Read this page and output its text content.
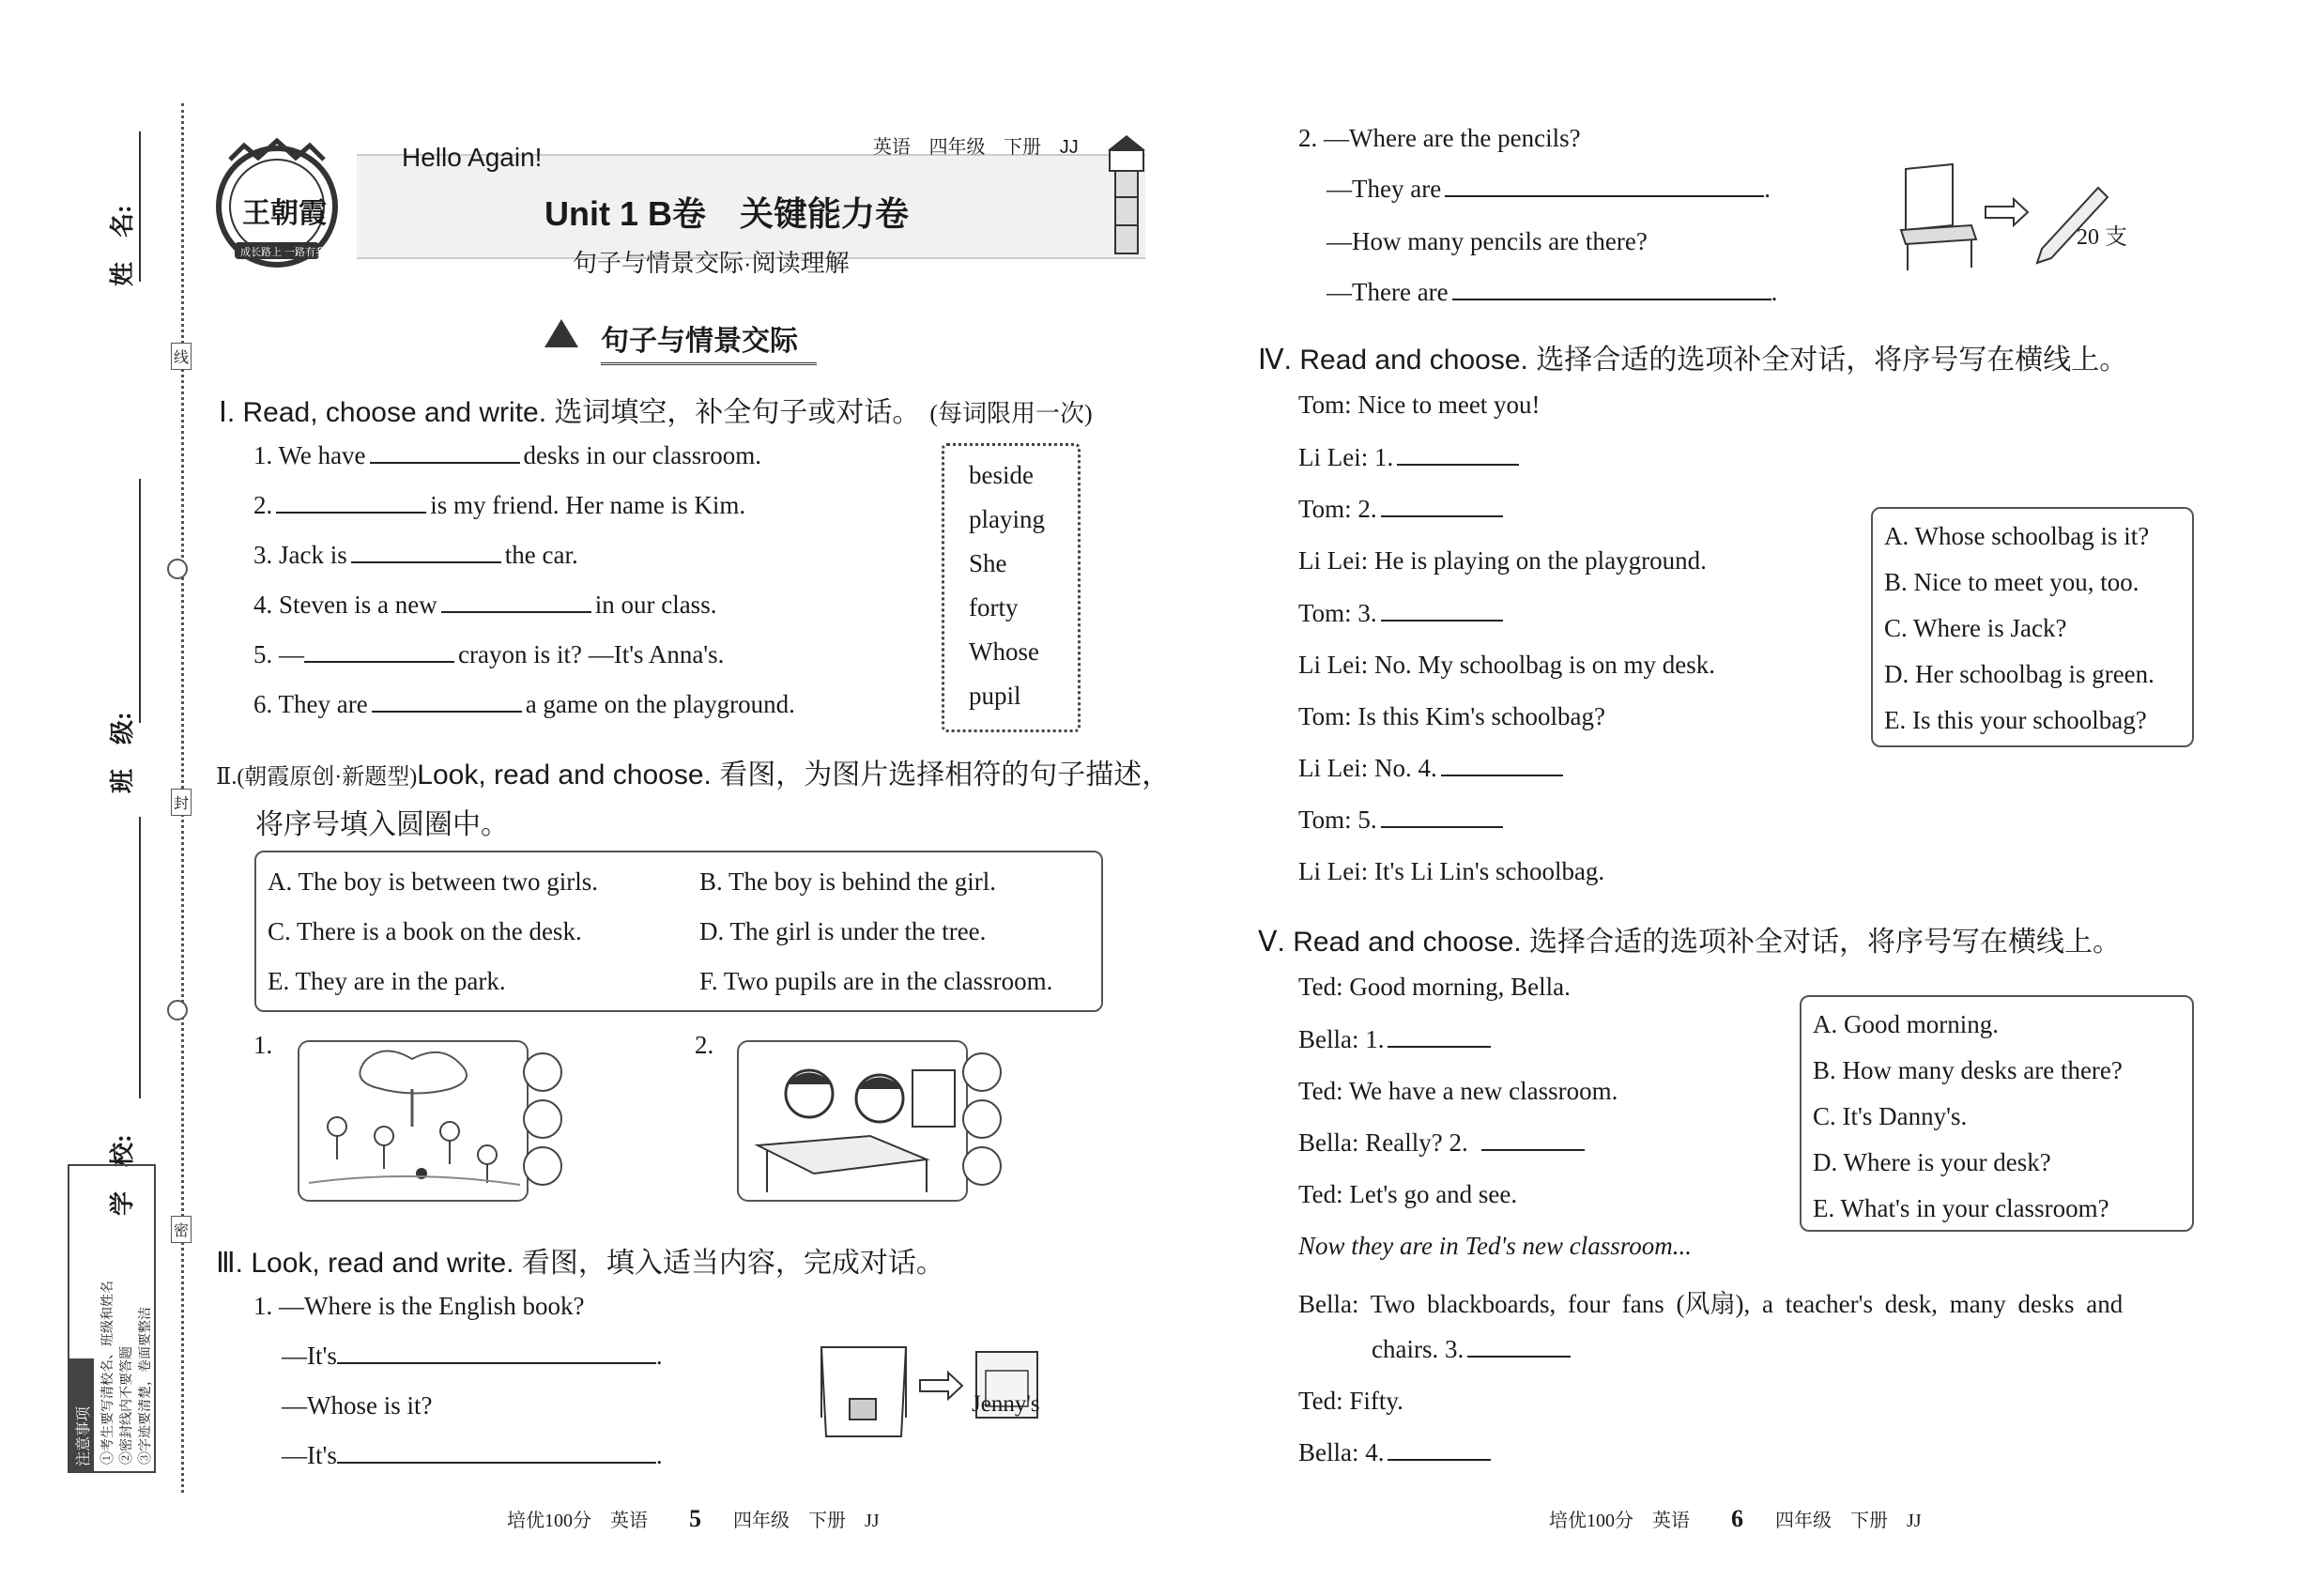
姓　名:
班　级:
学　校:
线
封
密
注意事项 ①考生要写清校名、班级和姓名 ②密封线内不要答题 ③字迹要清楚，卷面要整洁
王朝霞
成长路上 一路有我
Hello Again!	英语 四年级 下册 JJ
Unit 1 B卷　关键能力卷
句子与情景交际·阅读理解
句子与情景交际
Ⅰ. Read, choose and write. 选词填空，补全句子或对话。 (每词限用一次)
1. We have	desks in our classroom.
2.	is my friend. Her name is Kim.
3. Jack is	the car.
4. Steven is a new	in our class.
5. —	crayon is it? —It's Anna's.
6. They are	a game on the playground.
beside
playing
She
forty
Whose
pupil
Ⅱ.(朝霞原创·新题型)Look, read and choose. 看图，为图片选择相符的句子描述，
将序号填入圆圈中。
A. The boy is between two girls.	B. The boy is behind the girl.
C. There is a book on the desk.	D. The girl is under the tree.
E. They are in the park.	F. Two pupils are in the classroom.
1.	2.
Ⅲ. Look, read and write. 看图，填入适当内容，完成对话。
1. —Where is the English book?
—It's	.
—Whose is it?
—It's	.
Jenny's
2. —Where are the pencils?
—They are	.
—How many pencils are there?
—There are	.
20 支
Ⅳ. Read and choose. 选择合适的选项补全对话，将序号写在横线上。
Tom: Nice to meet you!
Li Lei: 1.
Tom: 2.
Li Lei: He is playing on the playground.
Tom: 3.
Li Lei: No. My schoolbag is on my desk.
Tom: Is this Kim's schoolbag?
Li Lei: No. 4.
Tom: 5.
Li Lei: It's Li Lin's schoolbag.
A. Whose schoolbag is it?
B. Nice to meet you, too.
C. Where is Jack?
D. Her schoolbag is green.
E. Is this your schoolbag?
Ⅴ. Read and choose. 选择合适的选项补全对话，将序号写在横线上。
Ted: Good morning, Bella.
Bella: 1.
Ted: We have a new classroom.
Bella: Really? 2.
Ted: Let's go and see.
Now they are in Ted's new classroom...
Bella: Two blackboards, four fans (风扇), a teacher's desk, many desks and
chairs. 3.
Ted: Fifty.
Bella: 4.
A. Good morning.
B. How many desks are there?
C. It's Danny's.
D. Where is your desk?
E. What's in your classroom?
培优100分　英语 5 四年级　下册　JJ	培优100分　英语 6 四年级　下册　JJ
